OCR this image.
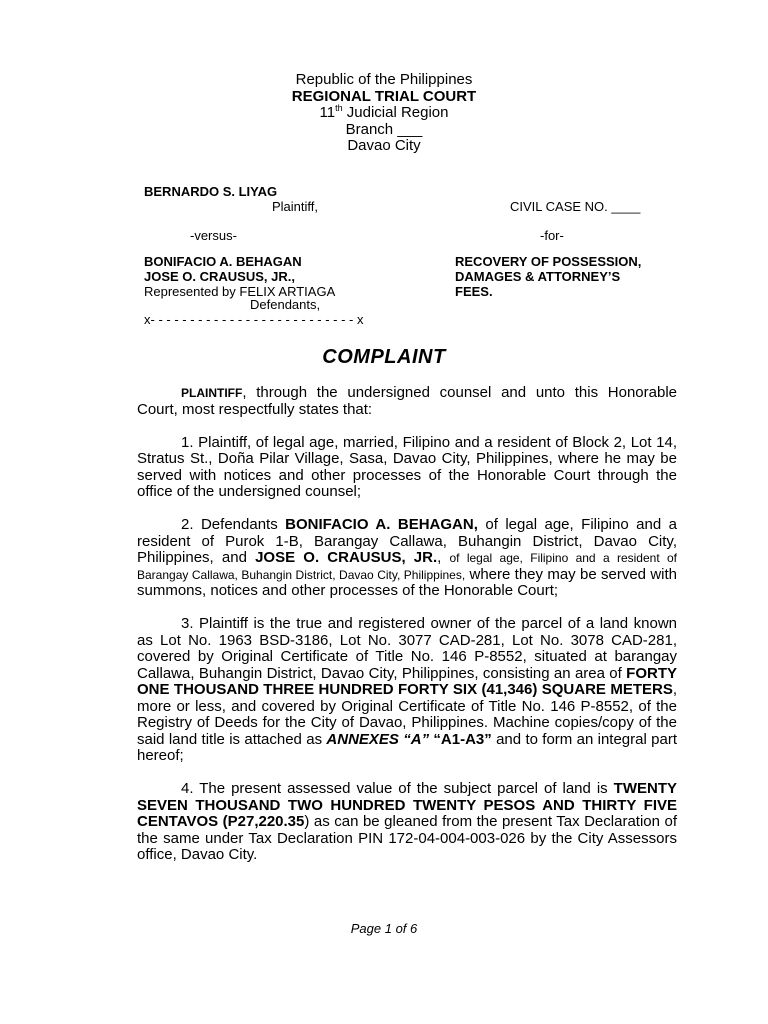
Republic of the Philippines
REGIONAL TRIAL COURT
11th Judicial Region
Branch ___
Davao City
BERNARDO S. LIYAG
Plaintiff,	CIVIL CASE NO. ____
-versus-	-for-
BONIFACIO A. BEHAGAN
JOSE O. CRAUSUS, JR.,
Represented by FELIX ARTIAGA
Defendants,
x- - - - - - - - - - - - - - - - - - - - - - - - - - x
RECOVERY OF POSSESSION,
DAMAGES & ATTORNEY’S
FEES.
COMPLAINT

PLAINTIFF, through the undersigned counsel and unto this Honorable Court, most respectfully states that:

1. Plaintiff, of legal age, married, Filipino and a resident of Block 2, Lot 14, Stratus St., Doña Pilar Village, Sasa, Davao City, Philippines, where he may be served with notices and other processes of the Honorable Court through the office of the undersigned counsel;

2. Defendants BONIFACIO A. BEHAGAN, of legal age, Filipino and a resident of Purok 1-B, Barangay Callawa, Buhangin District, Davao City, Philippines, and JOSE O. CRAUSUS, JR., of legal age, Filipino and a resident of Barangay Callawa, Buhangin District, Davao City, Philippines, where they may be served with summons, notices and other processes of the Honorable Court;

3. Plaintiff is the true and registered owner of the parcel of a land known as Lot No. 1963 BSD-3186, Lot No. 3077 CAD-281, Lot No. 3078 CAD-281, covered by Original Certificate of Title No. 146 P-8552, situated at barangay Callawa, Buhangin District, Davao City, Philippines, consisting an area of FORTY ONE THOUSAND THREE HUNDRED FORTY SIX (41,346) SQUARE METERS, more or less, and covered by Original Certificate of Title No. 146 P-8552, of the Registry of Deeds for the City of Davao, Philippines. Machine copies/copy of the said land title is attached as ANNEXES “A” “A1-A3” and to form an integral part hereof;

4. The present assessed value of the subject parcel of land is TWENTY SEVEN THOUSAND TWO HUNDRED TWENTY PESOS AND THIRTY FIVE CENTAVOS (P27,220.35) as can be gleaned from the present Tax Declaration of the same under Tax Declaration PIN 172-04-004-003-026 by the City Assessors office, Davao City.

Page 1 of 6
